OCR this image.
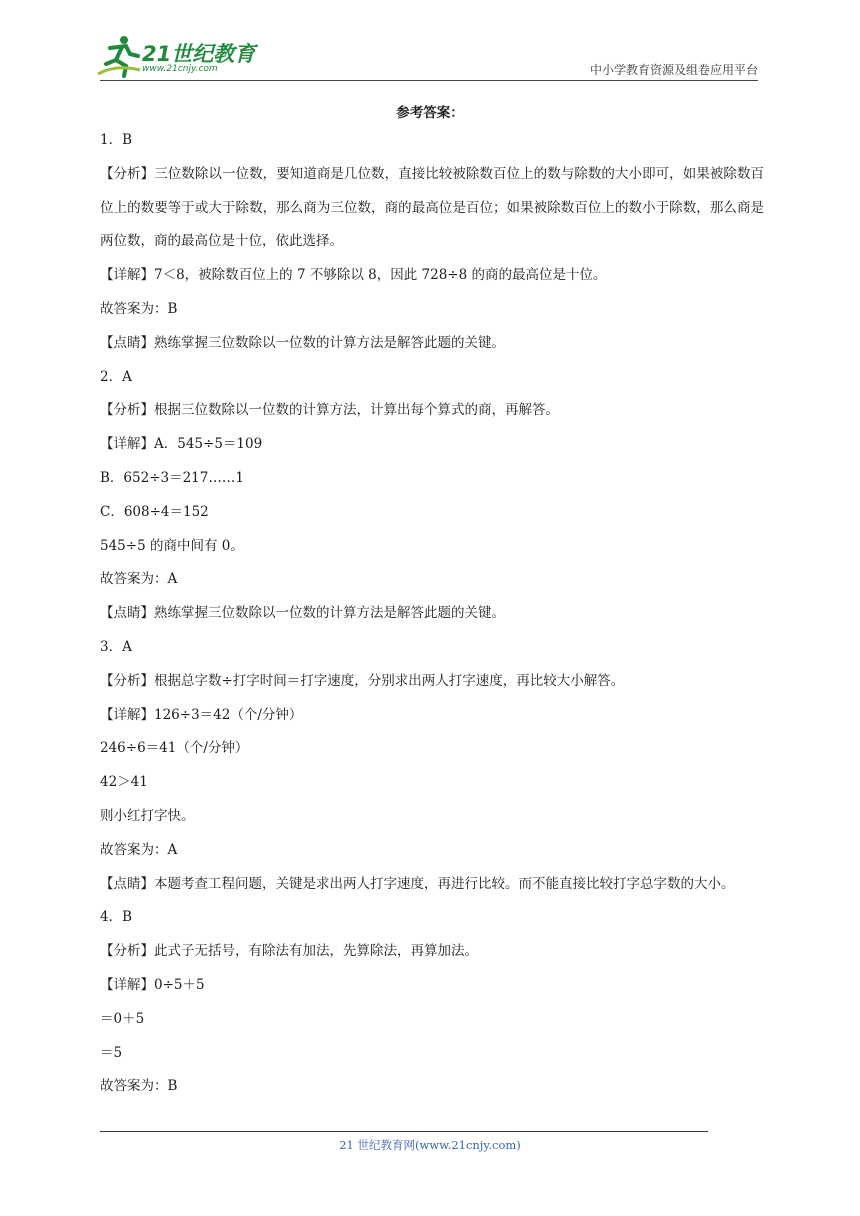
21世纪教育
www.21cnjy.com	中小学教育资源及组卷应用平台
参考答案：
1．B
【分析】三位数除以一位数，要知道商是几位数，直接比较被除数百位上的数与除数的大小即可，如果被除数百位上的数要等于或大于除数，那么商为三位数，商的最高位是百位；如果被除数百位上的数小于除数，那么商是两位数，商的最高位是十位，依此选择。
【详解】7＜8，被除数百位上的 7 不够除以 8，因此 728÷8 的商的最高位是十位。
故答案为：B
【点睛】熟练掌握三位数除以一位数的计算方法是解答此题的关键。
2．A
【分析】根据三位数除以一位数的计算方法，计算出每个算式的商，再解答。
【详解】A．545÷5＝109
B．652÷3＝217……1
C．608÷4＝152
545÷5 的商中间有 0。
故答案为：A
【点睛】熟练掌握三位数除以一位数的计算方法是解答此题的关键。
3．A
【分析】根据总字数÷打字时间＝打字速度，分别求出两人打字速度，再比较大小解答。
【详解】126÷3＝42（个/分钟）
246÷6＝41（个/分钟）
42＞41
则小红打字快。
故答案为：A
【点睛】本题考查工程问题，关键是求出两人打字速度，再进行比较。而不能直接比较打字总字数的大小。
4．B
【分析】此式子无括号，有除法有加法，先算除法，再算加法。
【详解】0÷5＋5
＝0＋5
＝5
故答案为：B
21 世纪教育网(www.21cnjy.com)
